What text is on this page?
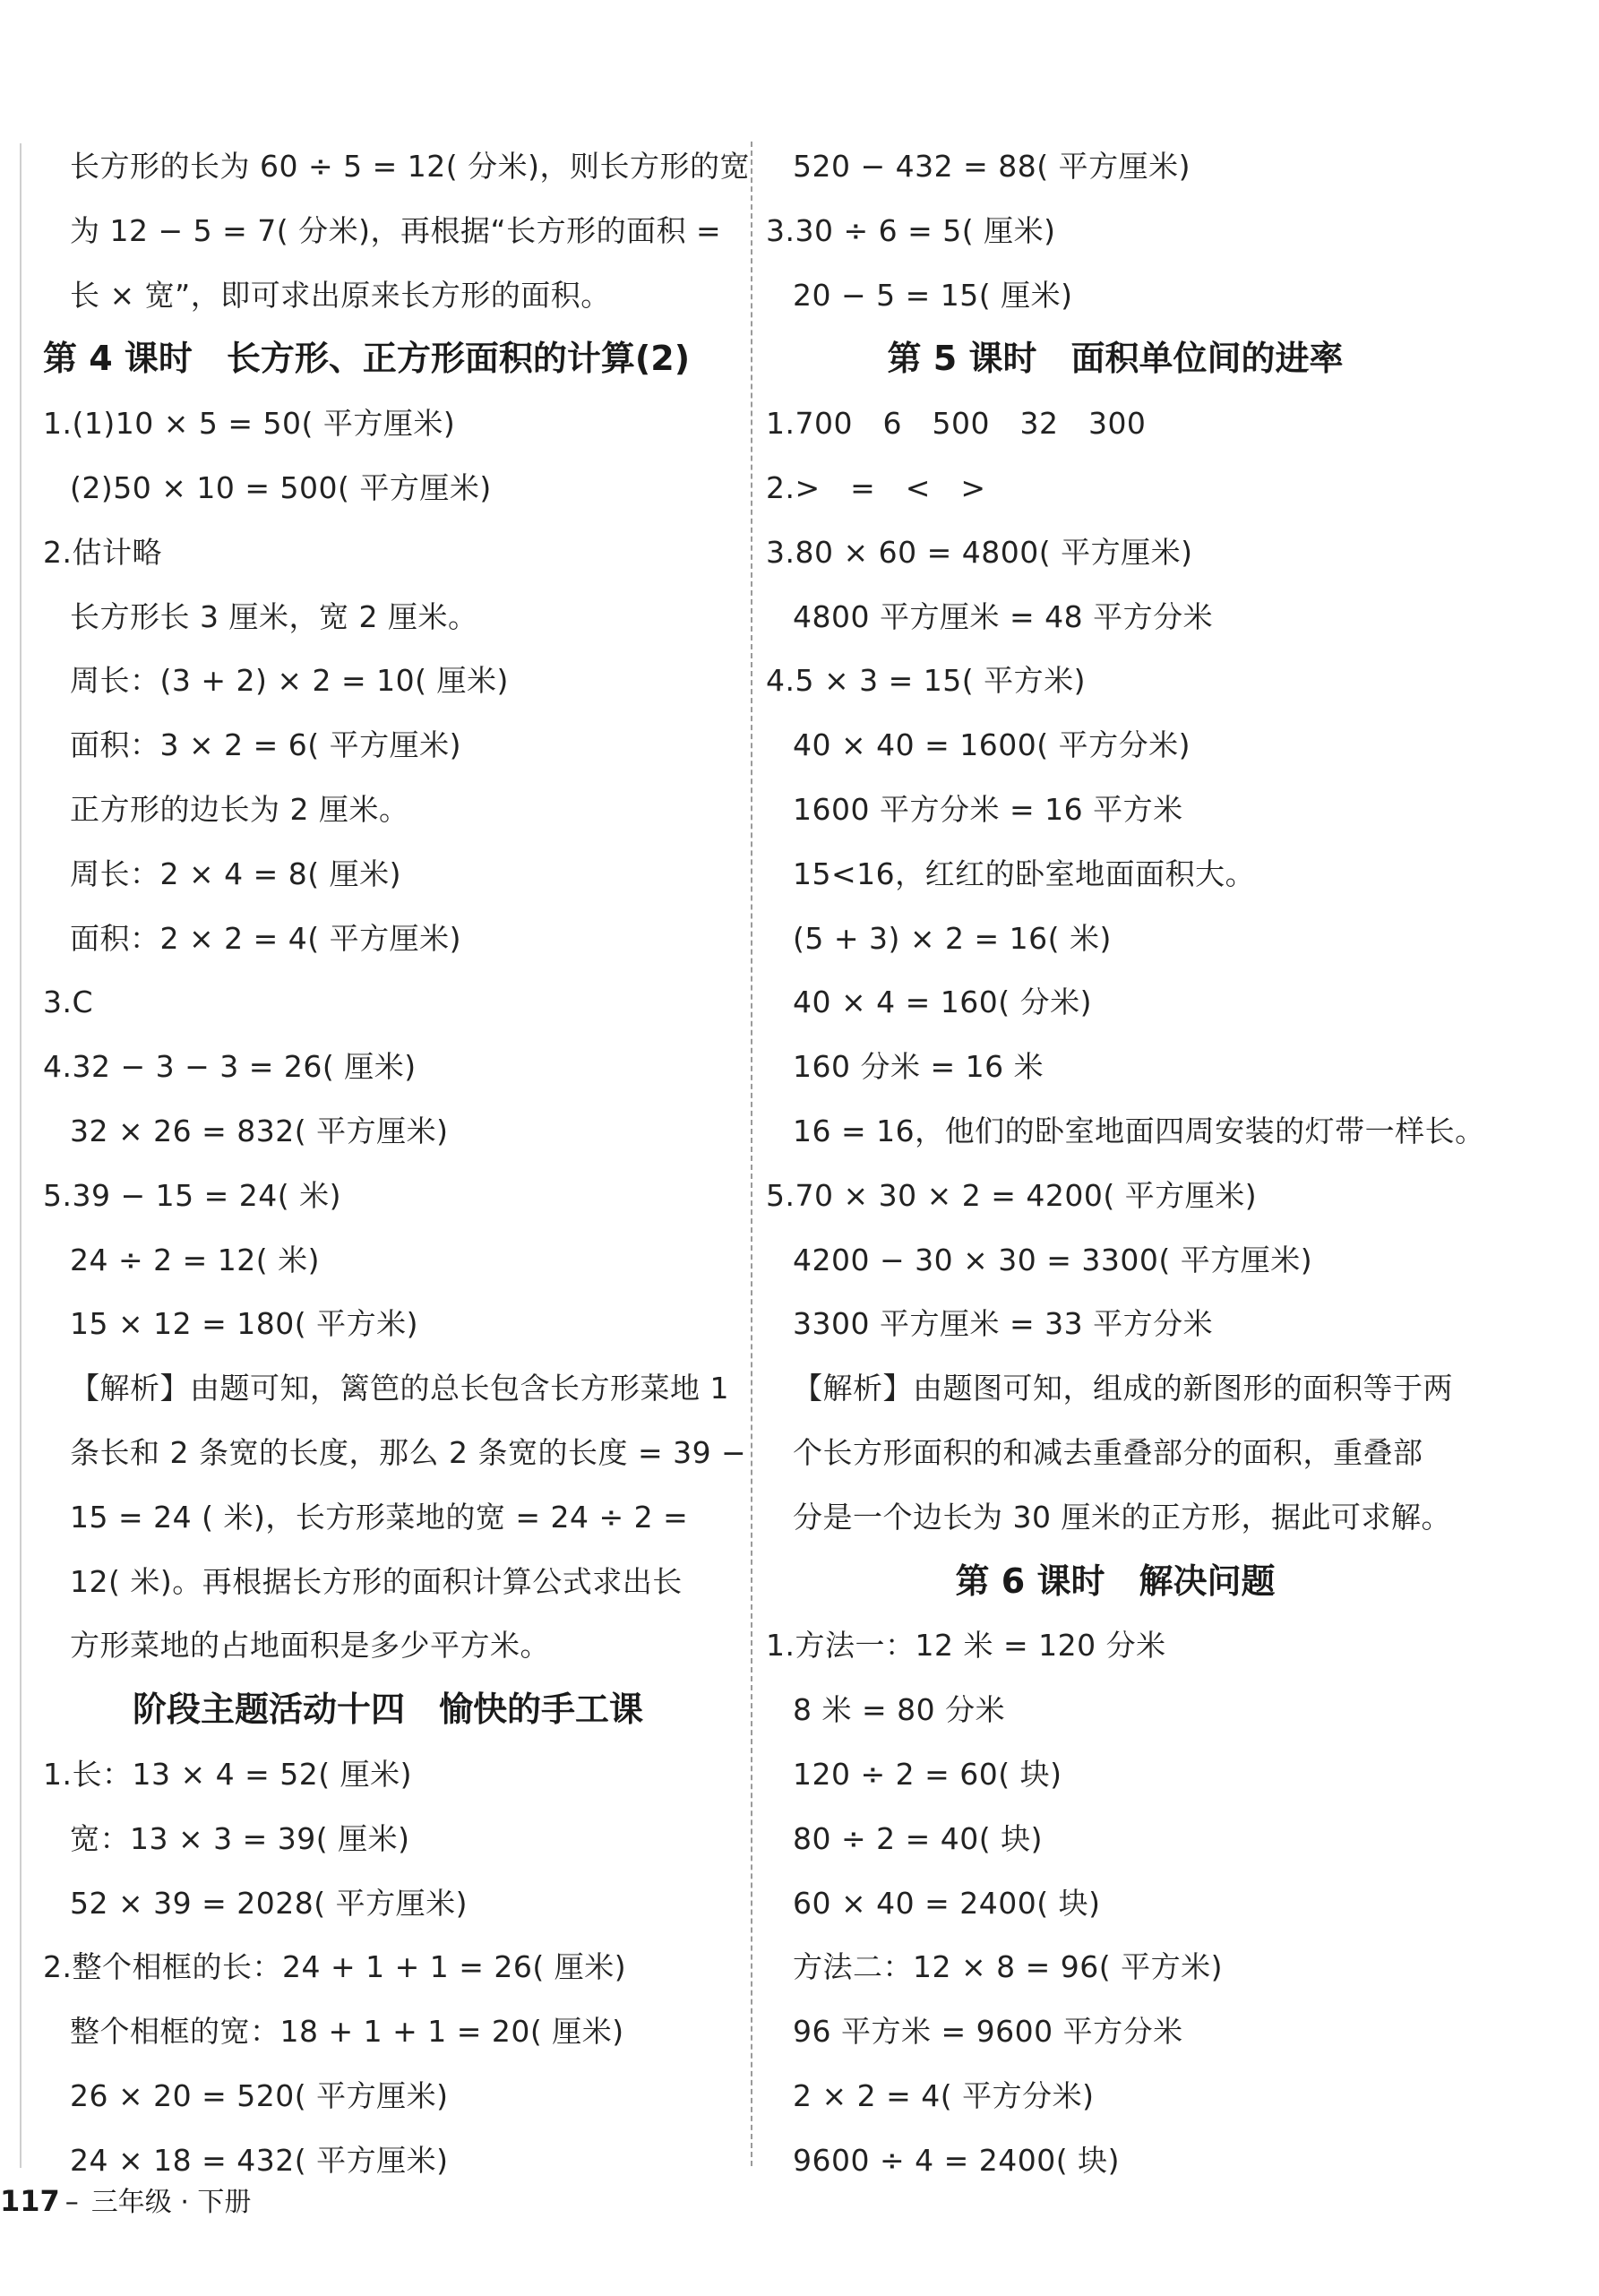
长方形的长为 60 ÷ 5 = 12( 分米)，则长方形的宽
为 12 − 5 = 7( 分米)，再根据“长方形的面积 =
长 × 宽”，即可求出原来长方形的面积。
第 4 课时　长方形、正方形面积的计算(2)
1.(1)10 × 5 = 50( 平方厘米)
(2)50 × 10 = 500( 平方厘米)
2.估计略
长方形长 3 厘米，宽 2 厘米。
周长：(3 + 2) × 2 = 10( 厘米)
面积：3 × 2 = 6( 平方厘米)
正方形的边长为 2 厘米。
周长：2 × 4 = 8( 厘米)
面积：2 × 2 = 4( 平方厘米)
3.C
4.32 − 3 − 3 = 26( 厘米)
32 × 26 = 832( 平方厘米)
5.39 − 15 = 24( 米)
24 ÷ 2 = 12( 米)
15 × 12 = 180( 平方米)
【解析】由题可知，篱笆的总长包含长方形菜地 1
条长和 2 条宽的长度，那么 2 条宽的长度 = 39 −
15 = 24 ( 米)，长方形菜地的宽 = 24 ÷ 2 =
12( 米)。再根据长方形的面积计算公式求出长
方形菜地的占地面积是多少平方米。
阶段主题活动十四　愉快的手工课
1.长：13 × 4 = 52( 厘米)
宽：13 × 3 = 39( 厘米)
52 × 39 = 2028( 平方厘米)
2.整个相框的长：24 + 1 + 1 = 26( 厘米)
整个相框的宽：18 + 1 + 1 = 20( 厘米)
26 × 20 = 520( 平方厘米)
24 × 18 = 432( 平方厘米)
520 − 432 = 88( 平方厘米)
3.30 ÷ 6 = 5( 厘米)
20 − 5 = 15( 厘米)
第 5 课时　面积单位间的进率
1.700　6　500　32　300
2.>　=　<　>
3.80 × 60 = 4800( 平方厘米)
4800 平方厘米 = 48 平方分米
4.5 × 3 = 15( 平方米)
40 × 40 = 1600( 平方分米)
1600 平方分米 = 16 平方米
15<16，红红的卧室地面面积大。
(5 + 3) × 2 = 16( 米)
40 × 4 = 160( 分米)
160 分米 = 16 米
16 = 16，他们的卧室地面四周安装的灯带一样长。
5.70 × 30 × 2 = 4200( 平方厘米)
4200 − 30 × 30 = 3300( 平方厘米)
3300 平方厘米 = 33 平方分米
【解析】由题图可知，组成的新图形的面积等于两
个长方形面积的和减去重叠部分的面积，重叠部
分是一个边长为 30 厘米的正方形，据此可求解。
第 6 课时　解决问题
1.方法一：12 米 = 120 分米
8 米 = 80 分米
120 ÷ 2 = 60( 块)
80 ÷ 2 = 40( 块)
60 × 40 = 2400( 块)
方法二：12 × 8 = 96( 平方米)
96 平方米 = 9600 平方分米
2 × 2 = 4( 平方分米)
9600 ÷ 4 = 2400( 块)
117 – 三年级 · 下册
